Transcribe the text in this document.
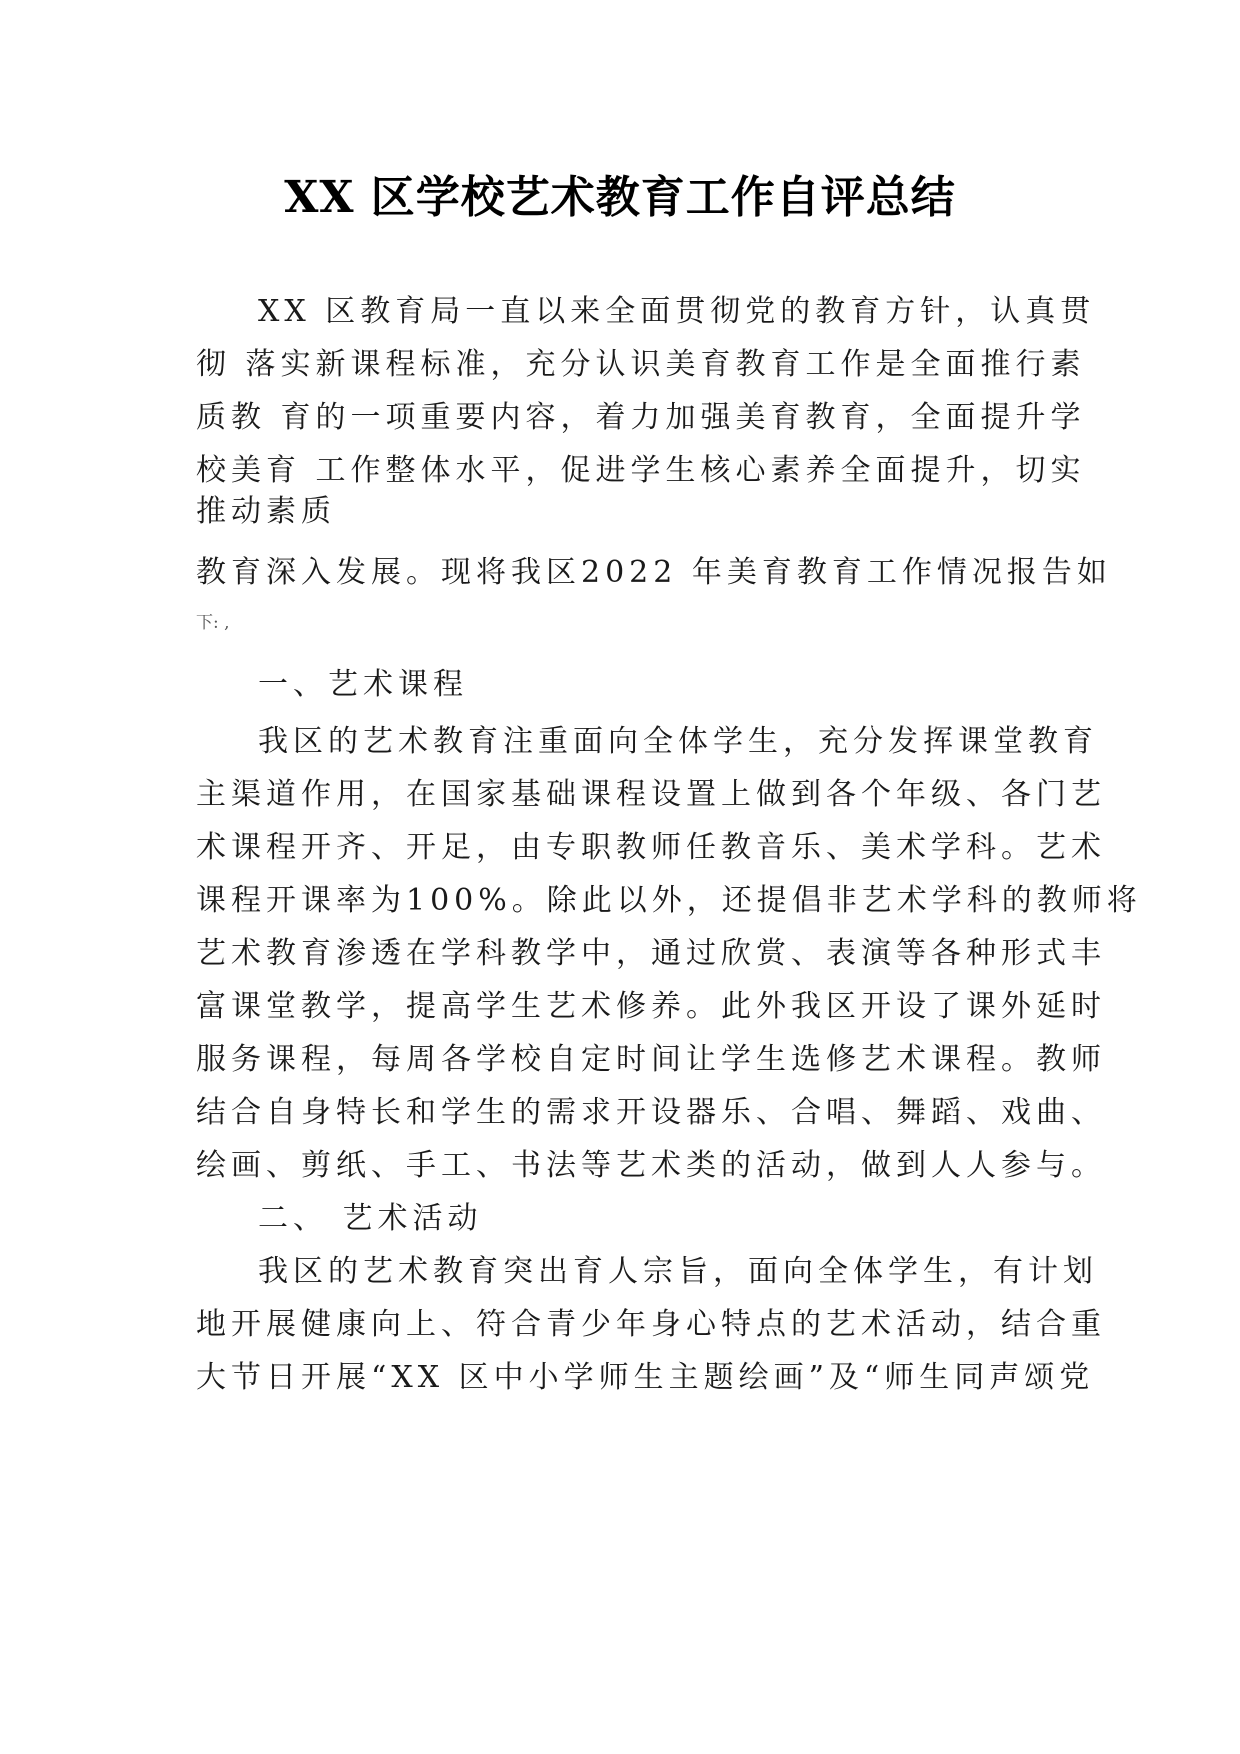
XX 区学校艺术教育工作自评总结
XX 区教育局一直以来全面贯彻党的教育方针，认真贯
彻 落实新课程标准，充分认识美育教育工作是全面推行素
质教 育的一项重要内容，着力加强美育教育，全面提升学
校美育 工作整体水平，促进学生核心素养全面提升，切实
推动素质
教育深入发展。现将我区2022 年美育教育工作情况报告如
下: ,
一、艺术课程
我区的艺术教育注重面向全体学生，充分发挥课堂教育
主渠道作用，在国家基础课程设置上做到各个年级、各门艺
术课程开齐、开足，由专职教师任教音乐、美术学科。艺术
课程开课率为100%。除此以外，还提倡非艺术学科的教师将
艺术教育渗透在学科教学中，通过欣赏、表演等各种形式丰
富课堂教学，提高学生艺术修养。此外我区开设了课外延时
服务课程，每周各学校自定时间让学生选修艺术课程。教师
结合自身特长和学生的需求开设器乐、合唱、舞蹈、戏曲、
绘画、剪纸、手工、书法等艺术类的活动，做到人人参与。
二、 艺术活动
我区的艺术教育突出育人宗旨，面向全体学生，有计划
地开展健康向上、符合青少年身心特点的艺术活动，结合重
大节日开展“XX 区中小学师生主题绘画”及“师生同声颂党
